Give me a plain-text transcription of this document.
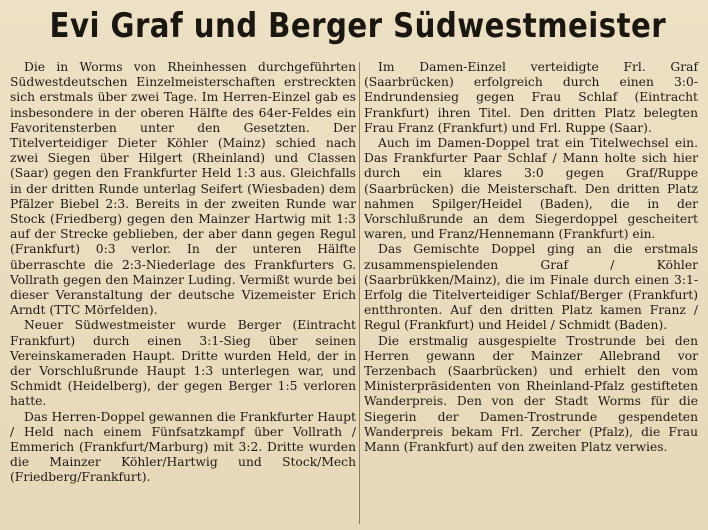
Evi Graf und Berger Südwestmeister

Die in Worms von Rheinhessen durchgeführten Südwestdeutschen Einzelmeisterschaften erstreckten sich erstmals über zwei Tage. Im Herren-Einzel gab es insbesondere in der oberen Hälfte des 64er-Feldes ein Favoritensterben unter den Gesetzten. Der Titelverteidiger Dieter Köhler (Mainz) schied nach zwei Siegen über Hilgert (Rheinland) und Classen (Saar) gegen den Frankfurter Held 1:3 aus. Gleichfalls in der dritten Runde unterlag Seifert (Wiesbaden) dem Pfälzer Biebel 2:3. Bereits in der zweiten Runde war Stock (Friedberg) gegen den Mainzer Hartwig mit 1:3 auf der Strecke geblieben, der aber dann gegen Regul (Frankfurt) 0:3 verlor. In der unteren Hälfte überraschte die 2:3-Niederlage des Frankfurters G. Vollrath gegen den Mainzer Luding. Vermißt wurde bei dieser Veranstaltung der deutsche Vizemeister Erich Arndt (TTC Mörfelden).

Neuer Südwestmeister wurde Berger (Eintracht Frankfurt) durch einen 3:1-Sieg über seinen Vereinskameraden Haupt. Dritte wurden Held, der in der Vorschlußrunde Haupt 1:3 unterlegen war, und Schmidt (Heidelberg), der gegen Berger 1:5 verloren hatte.

Das Herren-Doppel gewannen die Frankfurter Haupt / Held nach einem Fünfsatzkampf über Vollrath / Emmerich (Frankfurt/Marburg) mit 3:2. Dritte wurden die Mainzer Köhler/Hartwig und Stock/Mech (Friedberg/Frankfurt).

Im Damen-Einzel verteidigte Frl. Graf (Saarbrücken) erfolgreich durch einen 3:0-Endrundensieg gegen Frau Schlaf (Eintracht Frankfurt) ihren Titel. Den dritten Platz belegten Frau Franz (Frankfurt) und Frl. Ruppe (Saar).

Auch im Damen-Doppel trat ein Titelwechsel ein. Das Frankfurter Paar Schlaf / Mann holte sich hier durch ein klares 3:0 gegen Graf/Ruppe (Saarbrücken) die Meisterschaft. Den dritten Platz nahmen Spilger/Heidel (Baden), die in der Vorschlußrunde an dem Siegerdoppel gescheitert waren, und Franz/Hennemann (Frankfurt) ein.

Das Gemischte Doppel ging an die erstmals zusammenspielenden Graf / Köhler (Saarbrükken/Mainz), die im Finale durch einen 3:1-Erfolg die Titelverteidiger Schlaf/Berger (Frankfurt) entthronten. Auf den dritten Platz kamen Franz / Regul (Frankfurt) und Heidel / Schmidt (Baden).

Die erstmalig ausgespielte Trostrunde bei den Herren gewann der Mainzer Allebrand vor Terzenbach (Saarbrücken) und erhielt den vom Ministerpräsidenten von Rheinland-Pfalz gestifteten Wanderpreis. Den von der Stadt Worms für die Siegerin der Damen-Trostrunde gespendeten Wanderpreis bekam Frl. Zercher (Pfalz), die Frau Mann (Frankfurt) auf den zweiten Platz verwies.
